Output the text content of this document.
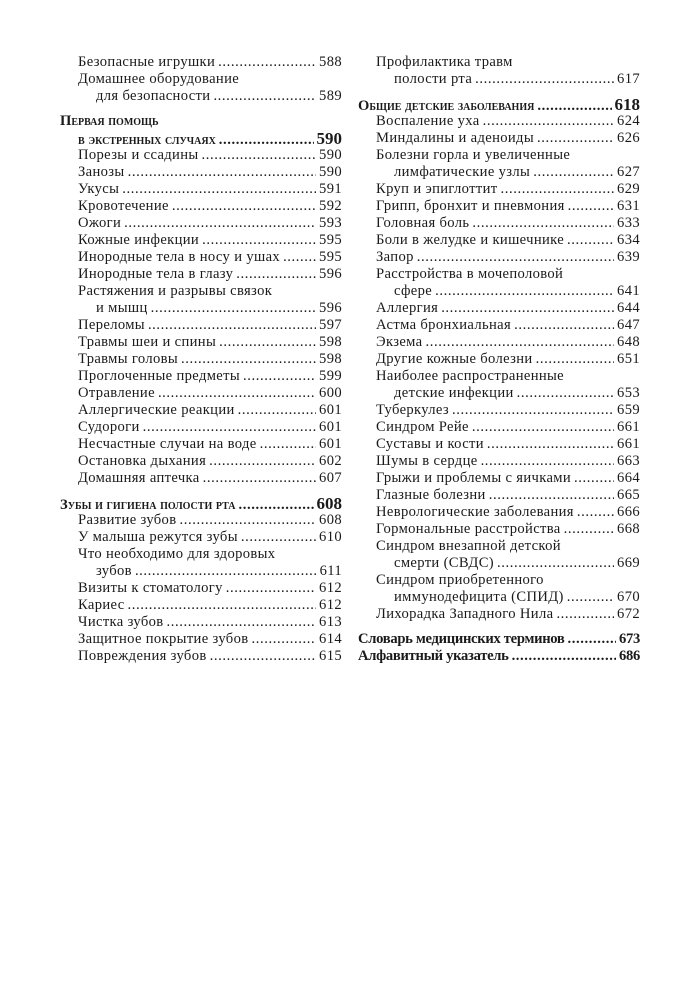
Безопасные игрушки .....	588
Домашнее оборудование
для безопасности .....	589
Первая помощь
в экстренных случаях .....	590
Порезы и ссадины .....	590
Занозы .....	590
Укусы .....	591
Кровотечение .....	592
Ожоги .....	593
Кожные инфекции .....	595
Инородные тела в носу и ушах .....	595
Инородные тела в глазу .....	596
Растяжения и разрывы связок
и мышц .....	596
Переломы .....	597
Травмы шеи и спины .....	598
Травмы головы .....	598
Проглоченные предметы .....	599
Отравление .....	600
Аллергические реакции .....	601
Судороги .....	601
Несчастные случаи на воде .....	601
Остановка дыхания .....	602
Домашняя аптечка .....	607
Зубы и гигиена полости рта .....	608
Развитие зубов .....	608
У малыша режутся зубы .....	610
Что необходимо для здоровых
зубов .....	611
Визиты к стоматологу .....	612
Кариес .....	612
Чистка зубов .....	613
Защитное покрытие зубов .....	614
Повреждения зубов .....	615
Профилактика травм
полости рта .....	617
Общие детские заболевания .....	618
Воспаление уха .....	624
Миндалины и аденоиды .....	626
Болезни горла и увеличенные
лимфатические узлы .....	627
Круп и эпиглоттит .....	629
Грипп, бронхит и пневмония .....	631
Головная боль .....	633
Боли в желудке и кишечнике .....	634
Запор .....	639
Расстройства в мочеполовой
сфере .....	641
Аллергия .....	644
Астма бронхиальная .....	647
Экзема .....	648
Другие кожные болезни .....	651
Наиболее распространенные
детские инфекции .....	653
Туберкулез .....	659
Синдром Рейе .....	661
Суставы и кости .....	661
Шумы в сердце .....	663
Грыжи и проблемы с яичками .....	664
Глазные болезни .....	665
Неврологические заболевания .....	666
Гормональные расстройства .....	668
Синдром внезапной детской
смерти (СВДС) .....	669
Синдром приобретенного
иммунодефицита (СПИД) .....	670
Лихорадка Западного Нила .....	672
Словарь медицинских терминов .....	673
Алфавитный указатель .....	686
